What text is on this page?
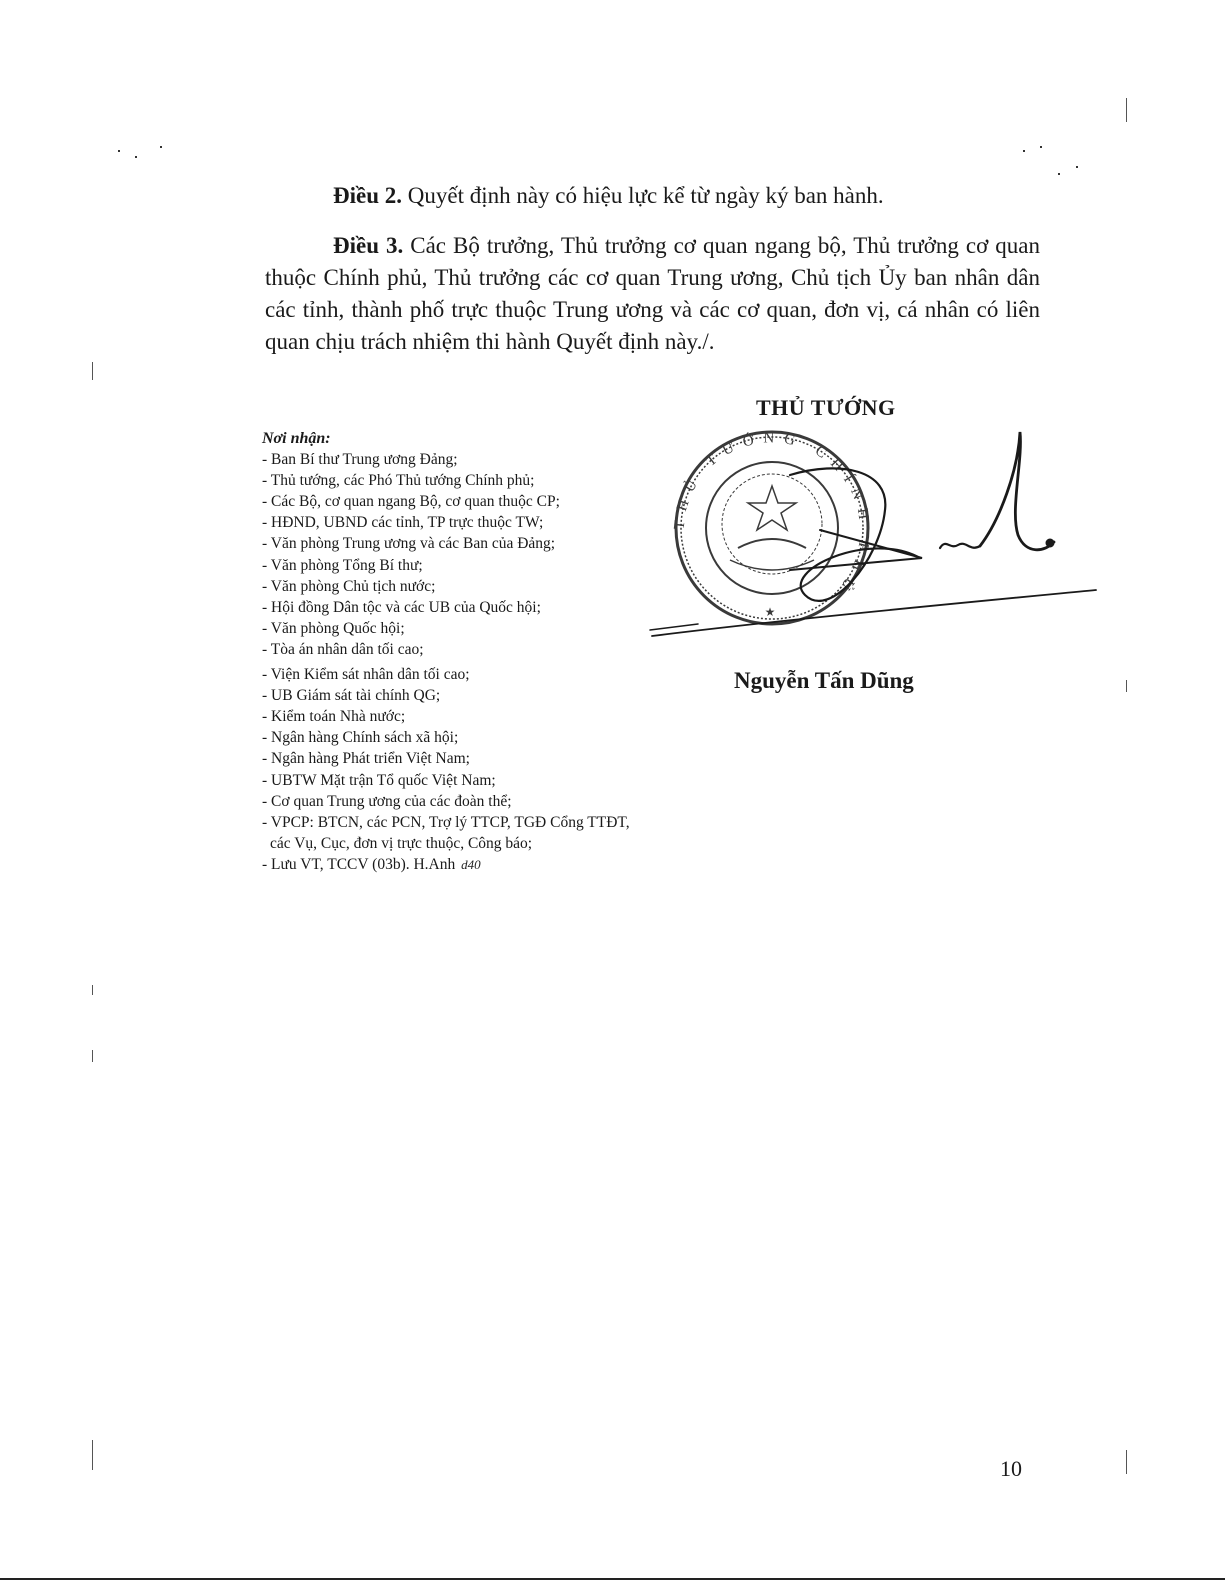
Điều 2. Quyết định này có hiệu lực kể từ ngày ký ban hành.
Điều 3. Các Bộ trưởng, Thủ trưởng cơ quan ngang bộ, Thủ trưởng cơ quan thuộc Chính phủ, Thủ trưởng các cơ quan Trung ương, Chủ tịch Ủy ban nhân dân các tỉnh, thành phố trực thuộc Trung ương và các cơ quan, đơn vị, cá nhân có liên quan chịu trách nhiệm thi hành Quyết định này./.
THỦ TƯỚNG
Nơi nhận:
- Ban Bí thư Trung ương Đảng;
- Thủ tướng, các Phó Thủ tướng Chính phủ;
- Các Bộ, cơ quan ngang Bộ, cơ quan thuộc CP;
- HĐND, UBND các tỉnh, TP trực thuộc TW;
- Văn phòng Trung ương và các Ban của Đảng;
- Văn phòng Tổng Bí thư;
- Văn phòng Chủ tịch nước;
- Hội đồng Dân tộc và các UB của Quốc hội;
- Văn phòng Quốc hội;
- Tòa án nhân dân tối cao;
- Viện Kiểm sát nhân dân tối cao;
- UB Giám sát tài chính QG;
- Kiểm toán Nhà nước;
- Ngân hàng Chính sách xã hội;
- Ngân hàng Phát triển Việt Nam;
- UBTW Mặt trận Tổ quốc Việt Nam;
- Cơ quan Trung ương của các đoàn thể;
- VPCP: BTCN, các PCN, Trợ lý TTCP, TGĐ Cổng TTĐT,
các Vụ, Cục, đơn vị trực thuộc, Công báo;
- Lưu VT, TCCV (03b). H.Anh d40
★
THỦ TƯỚNG CHÍNH PHỦ
Nguyễn Tấn Dũng
10
